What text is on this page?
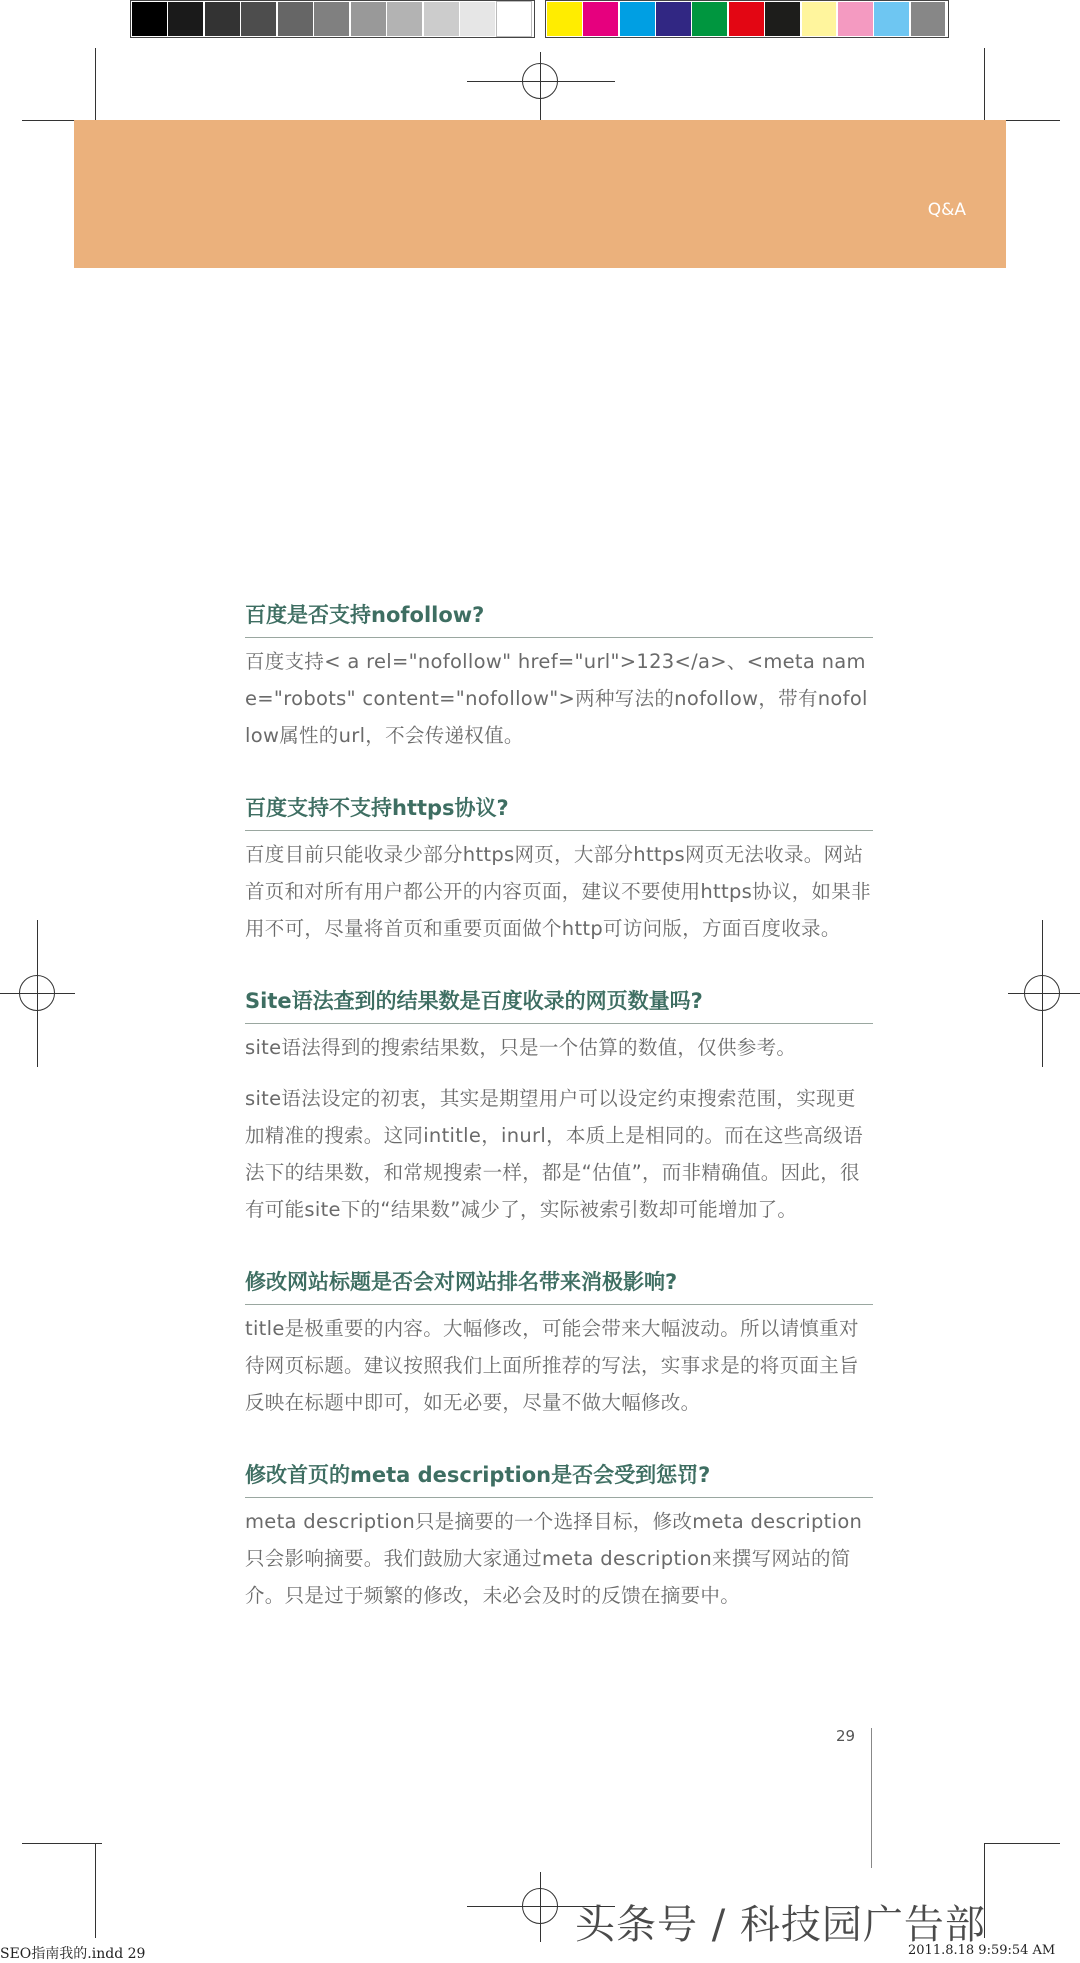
Q&A
百度是否支持nofollow?

百度支持< a rel="nofollow" href="url">123</a>、<meta name="robots" content="nofollow">两种写法的nofollow，带有nofollow属性的url，不会传递权值。

百度支持不支持https协议?

百度目前只能收录少部分https网页，大部分https网页无法收录。网站首页和对所有用户都公开的内容页面，建议不要使用https协议，如果非用不可，尽量将首页和重要页面做个http可访问版，方面百度收录。

Site语法查到的结果数是百度收录的网页数量吗?

site语法得到的搜索结果数，只是一个估算的数值，仅供参考。

site语法设定的初衷，其实是期望用户可以设定约束搜索范围，实现更加精准的搜索。这同intitle，inurl，本质上是相同的。而在这些高级语法下的结果数，和常规搜索一样，都是“估值”，而非精确值。因此，很有可能site下的“结果数”减少了，实际被索引数却可能增加了。

修改网站标题是否会对网站排名带来消极影响?

title是极重要的内容。大幅修改，可能会带来大幅波动。所以请慎重对待网页标题。建议按照我们上面所推荐的写法，实事求是的将页面主旨反映在标题中即可，如无必要，尽量不做大幅修改。

修改首页的meta description是否会受到惩罚?

meta description只是摘要的一个选择目标，修改meta description只会影响摘要。我们鼓励大家通过meta description来撰写网站的简介。只是过于频繁的修改，未必会及时的反馈在摘要中。

29
头条号 / 科技园广告部
SEO指南我的.indd 29	2011.8.18 9:59:54 AM
